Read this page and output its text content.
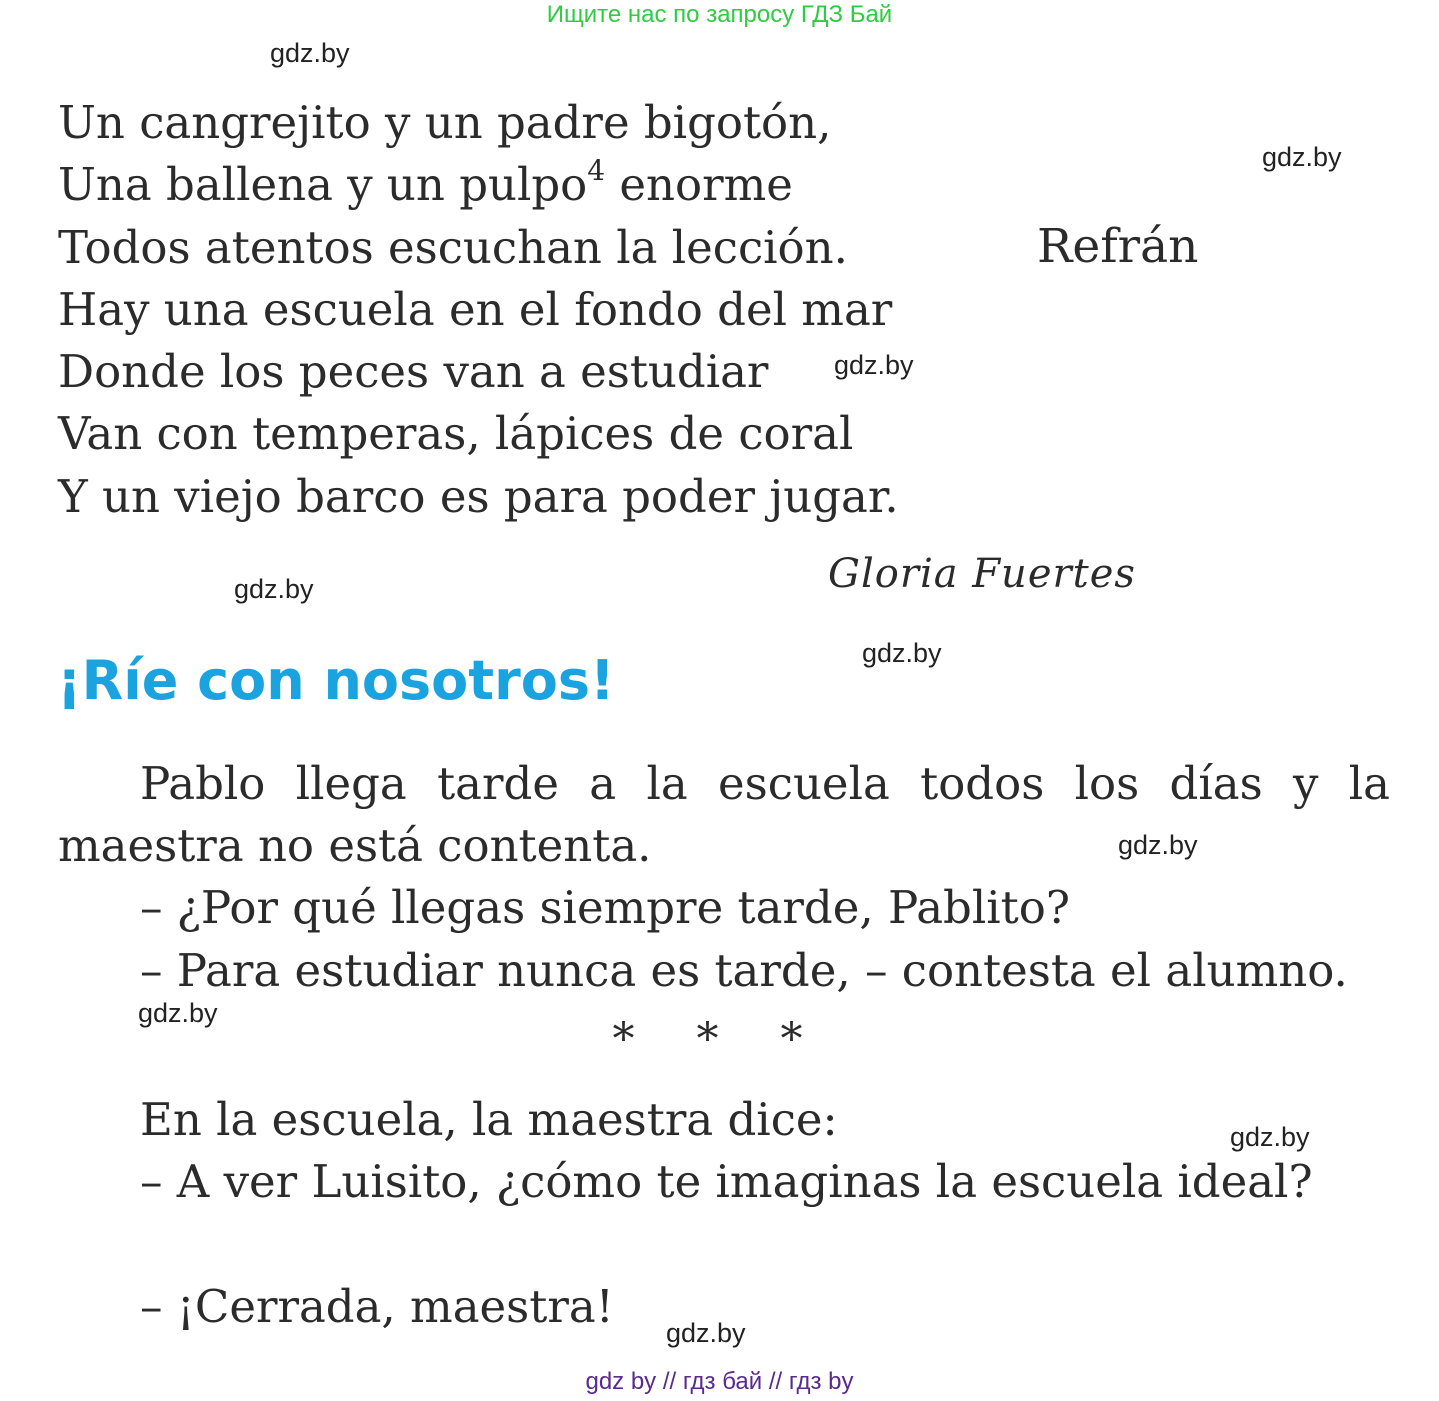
Ищите нас по запросу ГДЗ Бай
gdz.by
gdz.by
gdz.by
gdz.by
gdz.by
gdz.by
gdz.by
gdz.by
gdz.by
Un cangrejito y un padre bigotón,
Una ballena y un pulpo$^4$ enorme
Todos atentos escuchan la lección.
Hay una escuela en el fondo del mar
Donde los peces van a estudiar
Van con temperas, lápices de coral
Y un viejo barco es para poder jugar.
Refrán
Gloria Fuertes
¡Ríe con nosotros!
Pablo llega tarde a la escuela todos los días y la maestra no está contenta.
– ¿Por qué llegas siempre tarde, Pablito?
– Para estudiar nunca es tarde, – contesta el alumno.
* * *
En la escuela, la maestra dice:
– A ver Luisito, ¿cómo te imaginas la escuela ideal?
– ¡Cerrada, maestra!
gdz by // гдз бай // гдз by
